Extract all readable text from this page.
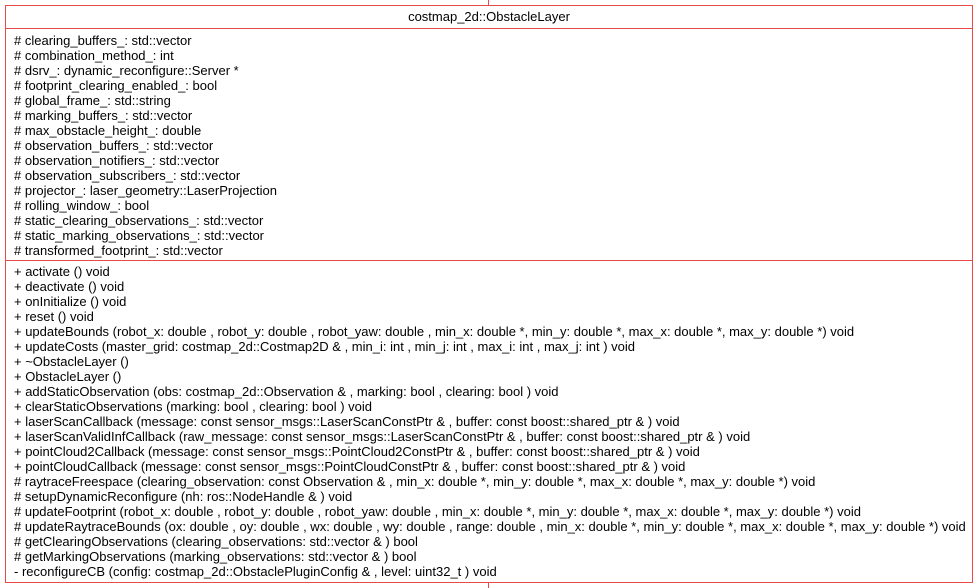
costmap_2d::ObstacleLayer
# clearing_buffers_: std::vector
# combination_method_: int
# dsrv_: dynamic_reconfigure::Server *
# footprint_clearing_enabled_: bool
# global_frame_: std::string
# marking_buffers_: std::vector
# max_obstacle_height_: double
# observation_buffers_: std::vector
# observation_notifiers_: std::vector
# observation_subscribers_: std::vector
# projector_: laser_geometry::LaserProjection
# rolling_window_: bool
# static_clearing_observations_: std::vector
# static_marking_observations_: std::vector
# transformed_footprint_: std::vector
+ activate () void
+ deactivate () void
+ onInitialize () void
+ reset () void
+ updateBounds (robot_x: double , robot_y: double , robot_yaw: double , min_x: double *, min_y: double *, max_x: double *, max_y: double *) void
+ updateCosts (master_grid: costmap_2d::Costmap2D & , min_i: int , min_j: int , max_i: int , max_j: int ) void
+ ~ObstacleLayer ()
+ ObstacleLayer ()
+ addStaticObservation (obs: costmap_2d::Observation & , marking: bool , clearing: bool ) void
+ clearStaticObservations (marking: bool , clearing: bool ) void
+ laserScanCallback (message: const sensor_msgs::LaserScanConstPtr & , buffer: const boost::shared_ptr & ) void
+ laserScanValidInfCallback (raw_message: const sensor_msgs::LaserScanConstPtr & , buffer: const boost::shared_ptr & ) void
+ pointCloud2Callback (message: const sensor_msgs::PointCloud2ConstPtr & , buffer: const boost::shared_ptr & ) void
+ pointCloudCallback (message: const sensor_msgs::PointCloudConstPtr & , buffer: const boost::shared_ptr & ) void
# raytraceFreespace (clearing_observation: const Observation & , min_x: double *, min_y: double *, max_x: double *, max_y: double *) void
# setupDynamicReconfigure (nh: ros::NodeHandle & ) void
# updateFootprint (robot_x: double , robot_y: double , robot_yaw: double , min_x: double *, min_y: double *, max_x: double *, max_y: double *) void
# updateRaytraceBounds (ox: double , oy: double , wx: double , wy: double , range: double , min_x: double *, min_y: double *, max_x: double *, max_y: double *) void
# getClearingObservations (clearing_observations: std::vector & ) bool
# getMarkingObservations (marking_observations: std::vector & ) bool
- reconfigureCB (config: costmap_2d::ObstaclePluginConfig & , level: uint32_t ) void
